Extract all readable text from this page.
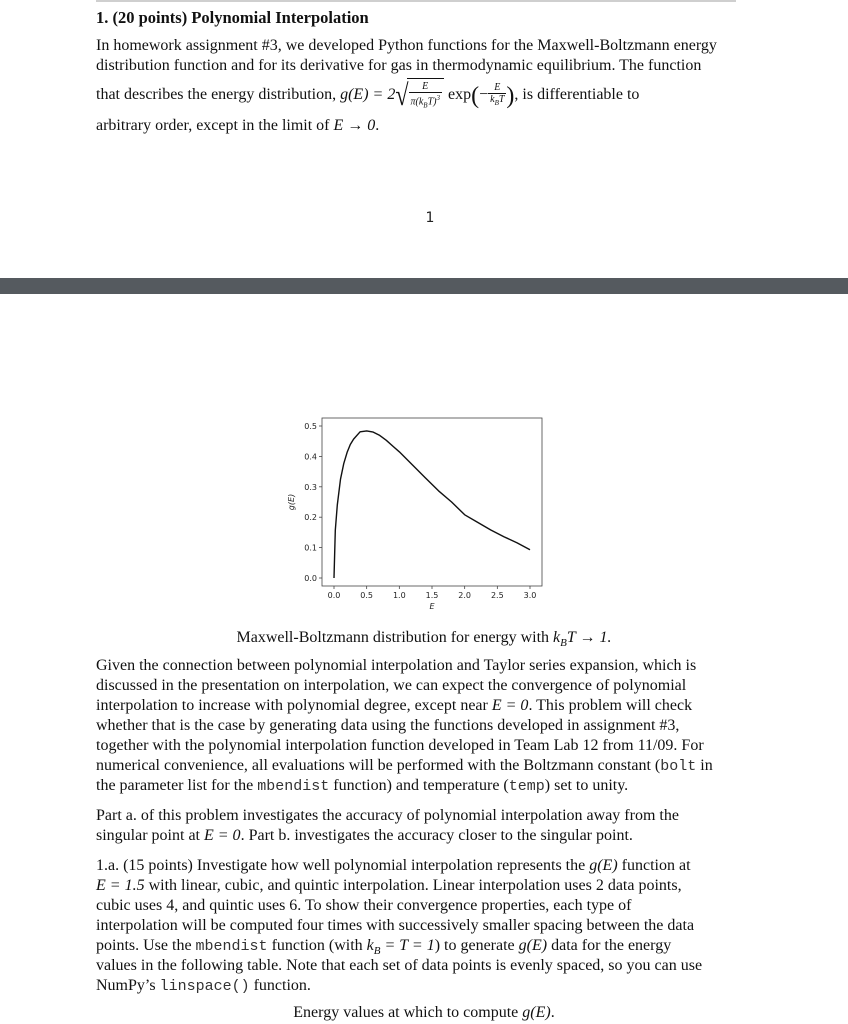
1. (20 points) Polynomial Interpolation

In homework assignment #3, we developed Python functions for the Maxwell-Boltzmann energy

distribution function and for its derivative for gas in thermodynamic equilibrium. The function

that describes the energy distribution, $g(E) = 2√ \frac{E}{\pi(k_BT)^3} \exp(- \frac{E}{k_BT}$ ), is differentiable to

arbitrary order, except in the limit of E → 0.

1
0.0 0.5 1.0 1.5 2.0 2.5 3.0
0.0
0.1
0.2
0.3
0.4
0.5
E
g(E)
Maxwell-Boltzmann distribution for energy with $k_BT \to 1$.

Given the connection between polynomial interpolation and Taylor series expansion, which is

discussed in the presentation on interpolation, we can expect the convergence of polynomial

interpolation to increase with polynomial degree, except near E = 0. This problem will check

whether that is the case by generating data using the functions developed in assignment #3,

together with the polynomial interpolation function developed in Team Lab 12 from 11/09. For

numerical convenience, all evaluations will be performed with the Boltzmann constant (bolt in

the parameter list for the mbendist function) and temperature (temp) set to unity.

Part a. of this problem investigates the accuracy of polynomial interpolation away from the

singular point at E = 0. Part b. investigates the accuracy closer to the singular point.

1.a. (15 points) Investigate how well polynomial interpolation represents the g(E) function at

E = 1.5 with linear, cubic, and quintic interpolation. Linear interpolation uses 2 data points,

cubic uses 4, and quintic uses 6. To show their convergence properties, each type of

interpolation will be computed four times with successively smaller spacing between the data

points. Use the mbendist function (with $k_B = T = 1$) to generate g(E) data for the energy

values in the following table. Note that each set of data points is evenly spaced, so you can use

NumPy’s linspace() function.

Energy values at which to compute g(E).
